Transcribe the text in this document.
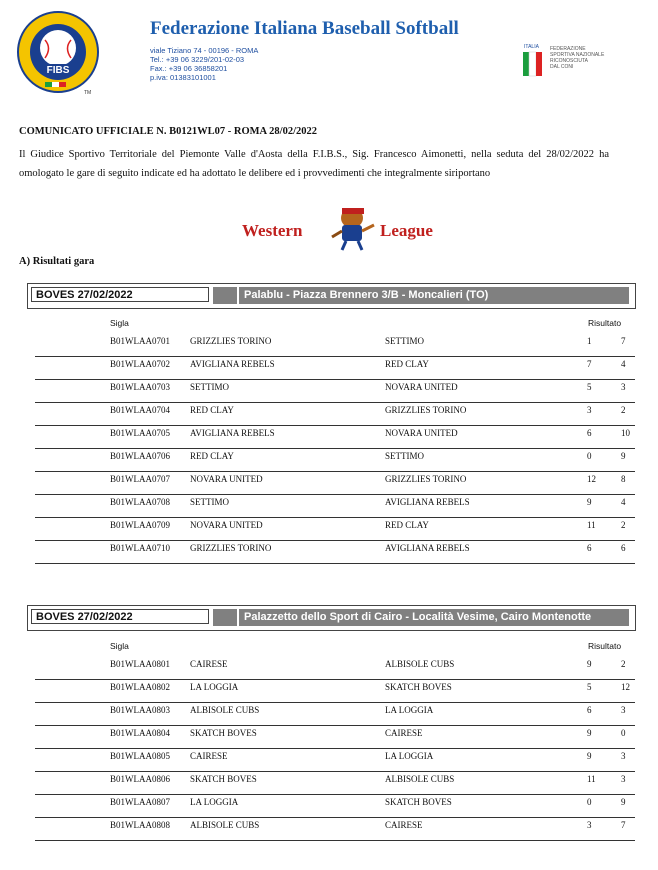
FIBS
TM
Federazione Italiana Baseball Softball
viale Tiziano 74 - 00196 - ROMA
Tel.: +39 06 3229/201-02-03
Fax.: +39 06 36858201
p.iva: 01383101001
ITALIA FEDERAZIONE
SPORTIVA NAZIONALE
RICONOSCIUTA
DAL CONI
COMUNICATO UFFICIALE N. B0121WL07 - ROMA 28/02/2022
Il Giudice Sportivo Territoriale del Piemonte Valle d'Aosta della F.I.B.S., Sig. Francesco Aimonetti, nella seduta del 28/02/2022 ha omologato le gare di seguito indicate ed ha adottato le delibere ed i provvedimenti che integralmente siriportano
Western	League
A) Risultati gara
BOVES 27/02/2022	Palablu - Piazza Brennero 3/B - Moncalieri (TO)
Sigla	Risultato
B01WLAA0701 GRIZZLIES TORINO	SETTIMO	1	7
B01WLAA0702 AVIGLIANA REBELS	RED CLAY	7	4
B01WLAA0703 SETTIMO	NOVARA UNITED	5	3
B01WLAA0704 RED CLAY	GRIZZLIES TORINO	3	2
B01WLAA0705 AVIGLIANA REBELS	NOVARA UNITED	6	10
B01WLAA0706 RED CLAY	SETTIMO	0	9
B01WLAA0707 NOVARA UNITED	GRIZZLIES TORINO	12	8
B01WLAA0708 SETTIMO	AVIGLIANA REBELS	9	4
B01WLAA0709 NOVARA UNITED	RED CLAY	11	2
B01WLAA0710 GRIZZLIES TORINO	AVIGLIANA REBELS	6	6
BOVES 27/02/2022	Palazzetto dello Sport di Cairo - Località Vesime, Cairo Montenotte
Sigla	Risultato
B01WLAA0801 CAIRESE	ALBISOLE CUBS	9	2
B01WLAA0802 LA LOGGIA	SKATCH BOVES	5	12
B01WLAA0803 ALBISOLE CUBS	LA LOGGIA	6	3
B01WLAA0804 SKATCH BOVES	CAIRESE	9	0
B01WLAA0805 CAIRESE	LA LOGGIA	9	3
B01WLAA0806 SKATCH BOVES	ALBISOLE CUBS	11	3
B01WLAA0807 LA LOGGIA	SKATCH BOVES	0	9
B01WLAA0808 ALBISOLE CUBS	CAIRESE	3	7
